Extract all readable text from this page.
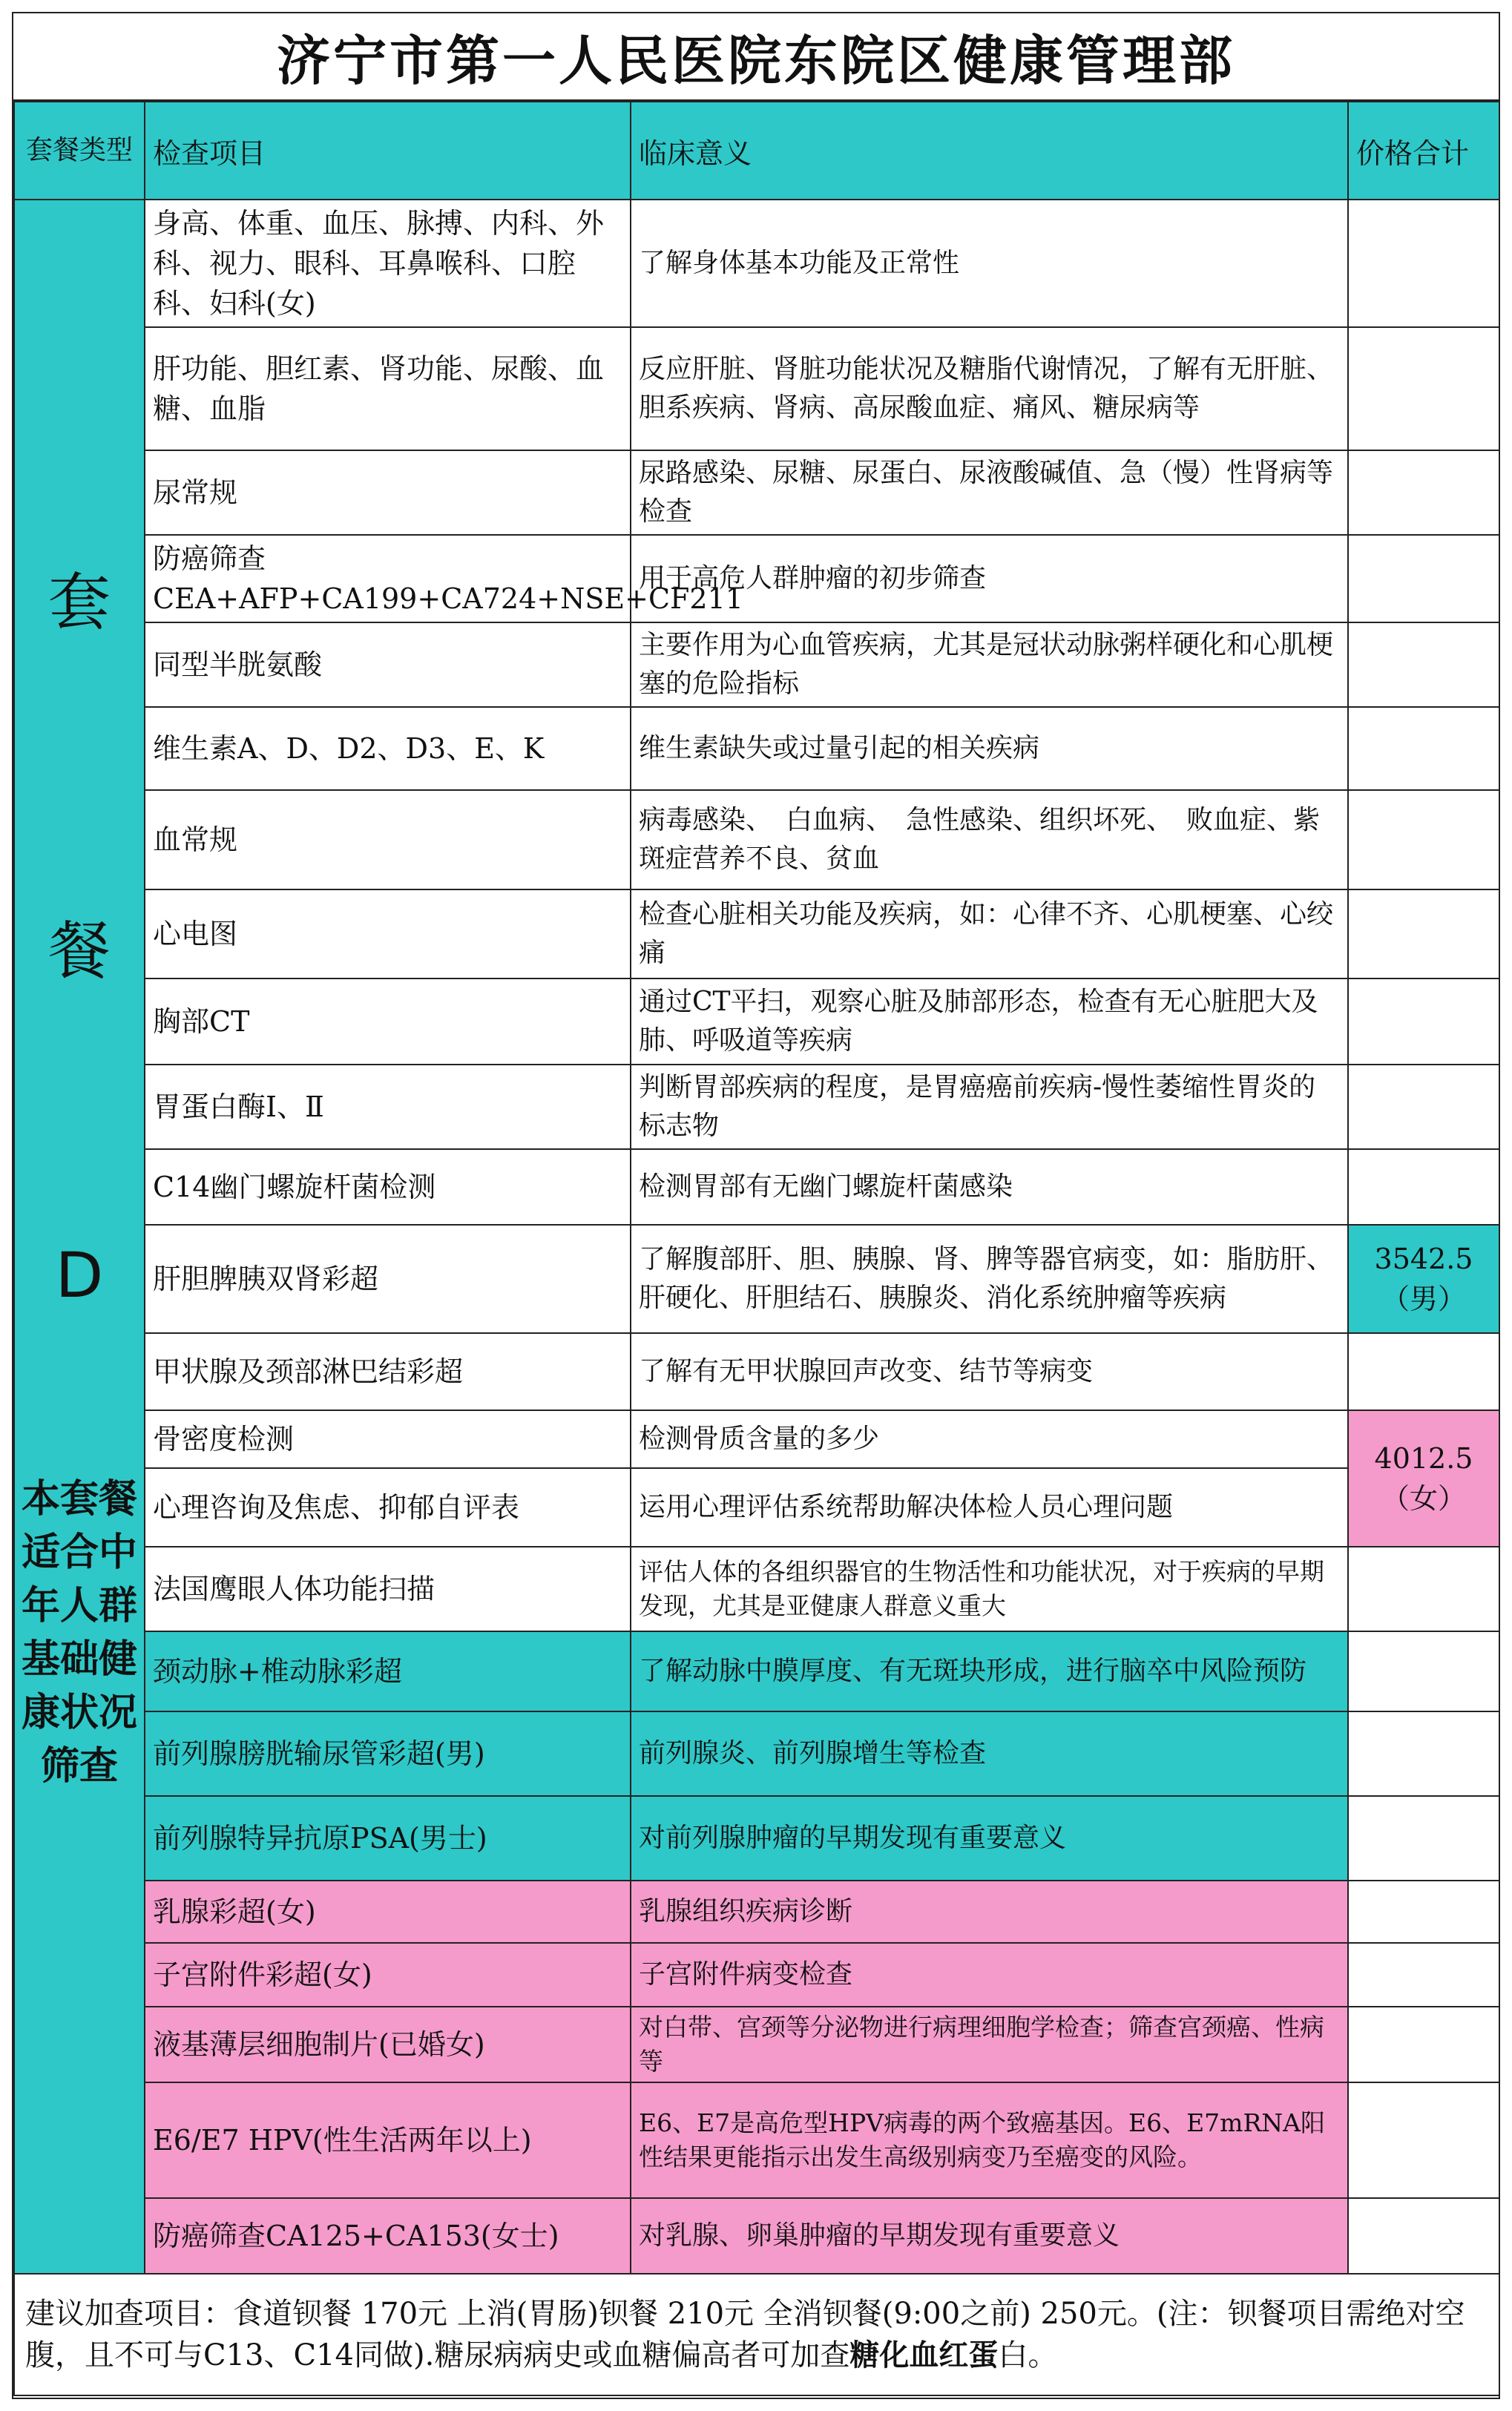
济宁市第一人民医院东院区健康管理部
套餐类型	检查项目	临床意义	价格合计

套
餐
D
本套餐适合中年人群基础健康状况筛查	身高、体重、血压、脉搏、内科、外科、视力、眼科、耳鼻喉科、口腔科、妇科(女)	了解身体基本功能及正常性	
	肝功能、胆红素、肾功能、尿酸、血糖、血脂	反应肝脏、肾脏功能状况及糖脂代谢情况，了解有无肝脏、胆系疾病、肾病、高尿酸血症、痛风、糖尿病等	
	尿常规	尿路感染、尿糖、尿蛋白、尿液酸碱值、急（慢）性肾病等检查	
	防癌筛查CEA+AFP+CA199+CA724+NSE+CF211	用于高危人群肿瘤的初步筛查	
	同型半胱氨酸	主要作用为心血管疾病，尤其是冠状动脉粥样硬化和心肌梗塞的危险指标	
	维生素A、D、D2、D3、E、K	维生素缺失或过量引起的相关疾病	
	血常规	病毒感染、　白血病、　急性感染、组织坏死、　败血症、紫斑症营养不良、贫血	
	心电图	检查心脏相关功能及疾病，如：心律不齐、心肌梗塞、心绞痛	
	胸部CT	通过CT平扫，观察心脏及肺部形态，检查有无心脏肥大及肺、呼吸道等疾病	
	胃蛋白酶Ⅰ、Ⅱ	判断胃部疾病的程度，是胃癌癌前疾病-慢性萎缩性胃炎的标志物	
	C14幽门螺旋杆菌检测	检测胃部有无幽门螺旋杆菌感染	
	肝胆脾胰双肾彩超	了解腹部肝、胆、胰腺、肾、脾等器官病变，如：脂肪肝、肝硬化、肝胆结石、胰腺炎、消化系统肿瘤等疾病	3542.5
（男）

	甲状腺及颈部淋巴结彩超	了解有无甲状腺回声改变、结节等病变	
	骨密度检测	检测骨质含量的多少	4012.5
（女）

	心理咨询及焦虑、抑郁自评表	运用心理评估系统帮助解决体检人员心理问题	
	法国鹰眼人体功能扫描	评估人体的各组织器官的生物活性和功能状况，对于疾病的早期发现，尤其是亚健康人群意义重大	
	颈动脉+椎动脉彩超	了解动脉中膜厚度、有无斑块形成，进行脑卒中风险预防	
	前列腺膀胱输尿管彩超(男)	前列腺炎、前列腺增生等检查	
	前列腺特异抗原PSA(男士)	对前列腺肿瘤的早期发现有重要意义	
	乳腺彩超(女)	乳腺组织疾病诊断	
	子宫附件彩超(女)	子宫附件病变检查	
	液基薄层细胞制片(已婚女)	对白带、宫颈等分泌物进行病理细胞学检查；筛查宫颈癌、性病等	
	E6/E7 HPV(性生活两年以上)	E6、E7是高危型HPV病毒的两个致癌基因。E6、E7mRNA阳性结果更能指示出发生高级别病变乃至癌变的风险。	
	防癌筛查CA125+CA153(女士)	对乳腺、卵巢肿瘤的早期发现有重要意义	
建议加查项目：食道钡餐 170元 上消(胃肠)钡餐 210元 全消钡餐(9:00之前) 250元。(注：钡餐项目需绝对空腹，且不可与C13、C14同做).糖尿病病史或血糖偏高者可加查糖化血红蛋白。			
